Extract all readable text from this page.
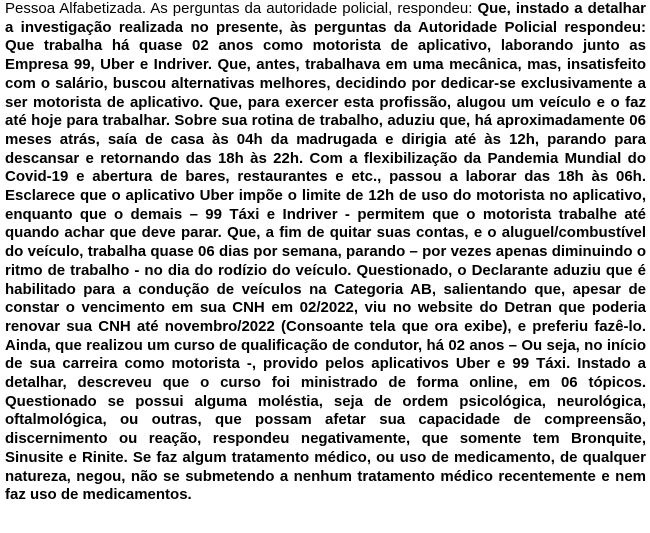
Pessoa Alfabetizada. As perguntas da autoridade policial, respondeu: Que, instado a detalhar a investigação realizada no presente, às perguntas da Autoridade Policial respondeu: Que trabalha há quase 02 anos como motorista de aplicativo, laborando junto as Empresa 99, Uber e Indriver. Que, antes, trabalhava em uma mecânica, mas, insatisfeito com o salário, buscou alternativas melhores, decidindo por dedicar-se exclusivamente a ser motorista de aplicativo. Que, para exercer esta profissão, alugou um veículo e o faz até hoje para trabalhar. Sobre sua rotina de trabalho, aduziu que, há aproximadamente 06 meses atrás, saía de casa às 04h da madrugada e dirigia até às 12h, parando para descansar e retornando das 18h às 22h. Com a flexibilização da Pandemia Mundial do Covid-19 e abertura de bares, restaurantes e etc., passou a laborar das 18h às 06h. Esclarece que o aplicativo Uber impõe o limite de 12h de uso do motorista no aplicativo, enquanto que o demais – 99 Táxi e Indriver - permitem que o motorista trabalhe até quando achar que deve parar. Que, a fim de quitar suas contas, e o aluguel/combustível do veículo, trabalha quase 06 dias por semana, parando – por vezes apenas diminuindo o ritmo de trabalho - no dia do rodízio do veículo. Questionado, o Declarante aduziu que é habilitado para a condução de veículos na Categoria AB, salientando que, apesar de constar o vencimento em sua CNH em 02/2022, viu no website do Detran que poderia renovar sua CNH até novembro/2022 (Consoante tela que ora exibe), e preferiu fazê-lo. Ainda, que realizou um curso de qualificação de condutor, há 02 anos – Ou seja, no início de sua carreira como motorista -, provido pelos aplicativos Uber e 99 Táxi. Instado a detalhar, descreveu que o curso foi ministrado de forma online, em 06 tópicos. Questionado se possui alguma moléstia, seja de ordem psicológica, neurológica, oftalmológica, ou outras, que possam afetar sua capacidade de compreensão, discernimento ou reação, respondeu negativamente, que somente tem Bronquite, Sinusite e Rinite. Se faz algum tratamento médico, ou uso de medicamento, de qualquer natureza, negou, não se submetendo a nenhum tratamento médico recentemente e nem faz uso de medicamentos.
